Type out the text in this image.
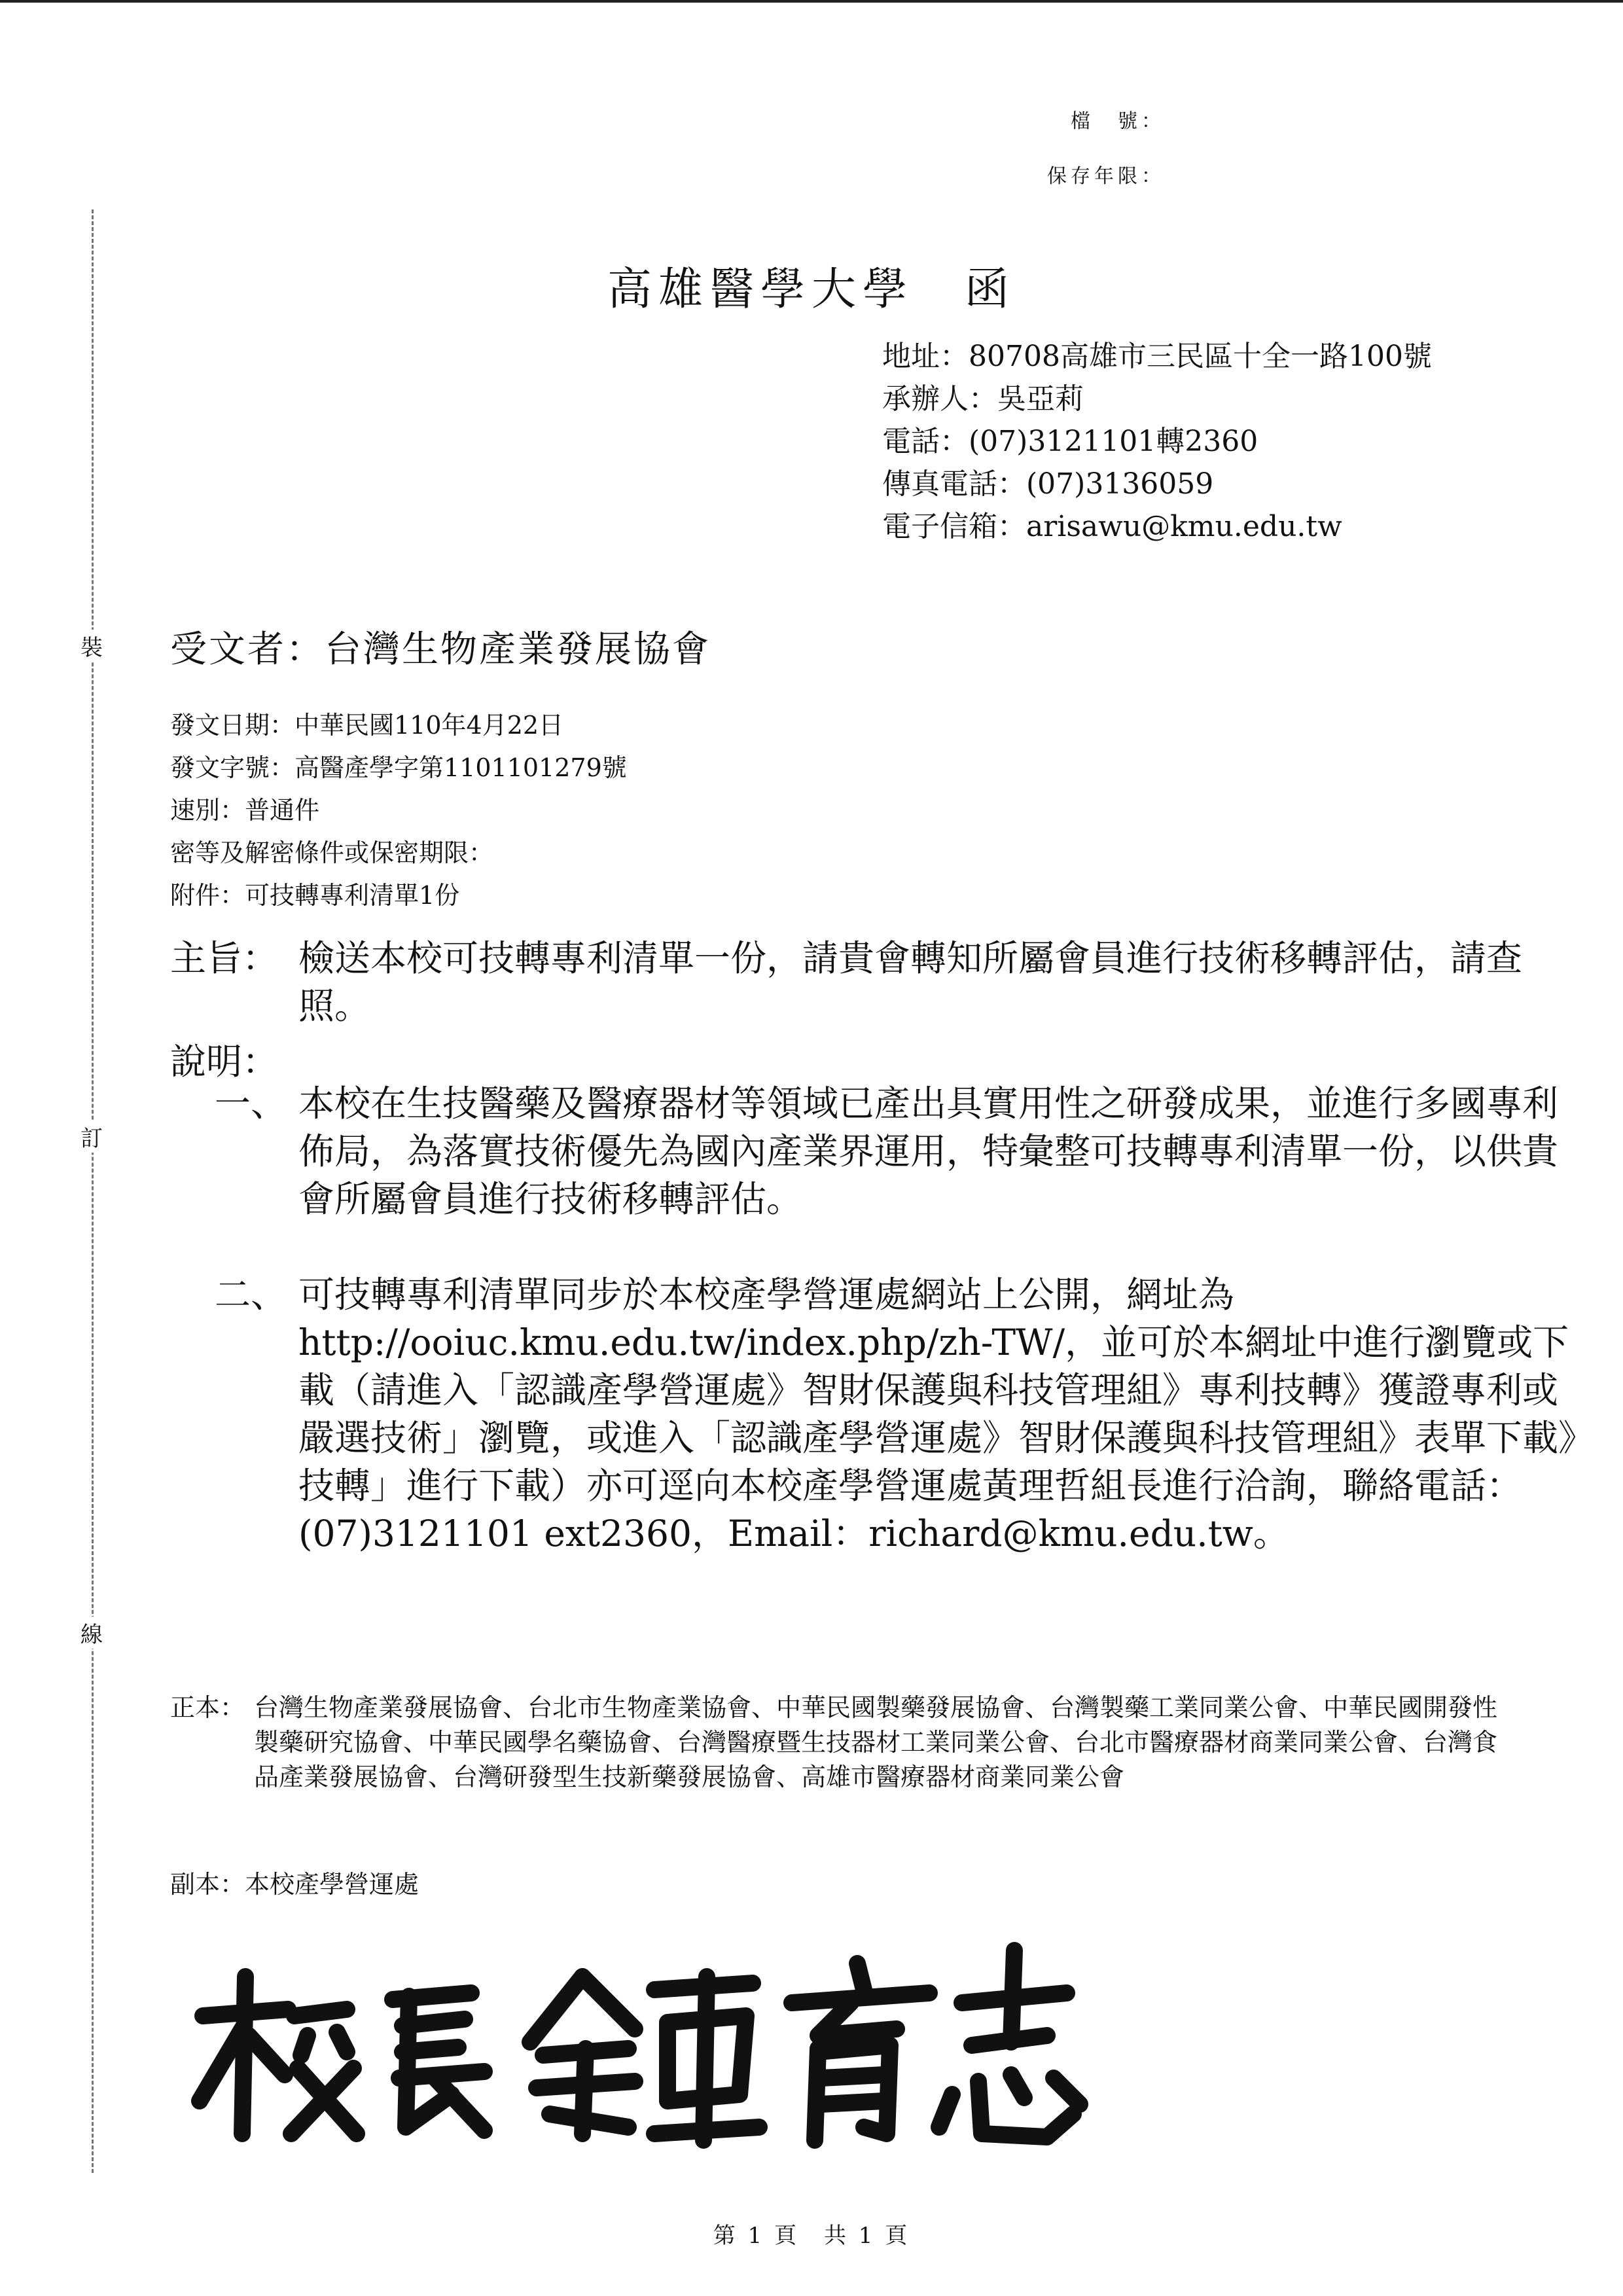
裝
訂
線
檔　號：
保存年限：
高雄醫學大學　函
地址：80708高雄市三民區十全一路100號
承辦人：吳亞莉
電話：(07)3121101轉2360
傳真電話：(07)3136059
電子信箱：arisawu@kmu.edu.tw
受文者：台灣生物產業發展協會
發文日期：中華民國110年4月22日
發文字號：高醫產學字第1101101279號
速別：普通件
密等及解密條件或保密期限：
附件：可技轉專利清單1份
主旨： 檢送本校可技轉專利清單一份，請貴會轉知所屬會員進行技術移轉評估，請查照。
說明：
一、 本校在生技醫藥及醫療器材等領域已產出具實用性之研發成果，並進行多國專利佈局，為落實技術優先為國內產業界運用，特彙整可技轉專利清單一份，以供貴會所屬會員進行技術移轉評估。
二、 可技轉專利清單同步於本校產學營運處網站上公開，網址為http://ooiuc.kmu.edu.tw/index.php/zh-TW/，並可於本網址中進行瀏覽或下載（請進入「認識產學營運處》智財保護與科技管理組》專利技轉》獲證專利或嚴選技術」瀏覽，或進入「認識產學營運處》智財保護與科技管理組》表單下載》技轉」進行下載）亦可逕向本校產學營運處黃理哲組長進行洽詢，聯絡電話：(07)3121101 ext2360，Email：richard@kmu.edu.tw。
正本： 台灣生物產業發展協會、台北市生物產業協會、中華民國製藥發展協會、台灣製藥工業同業公會、中華民國開發性製藥研究協會、中華民國學名藥協會、台灣醫療暨生技器材工業同業公會、台北市醫療器材商業同業公會、台灣食品產業發展協會、台灣研發型生技新藥發展協會、高雄市醫療器材商業同業公會
副本：本校產學營運處
第 1 頁　共 1 頁
